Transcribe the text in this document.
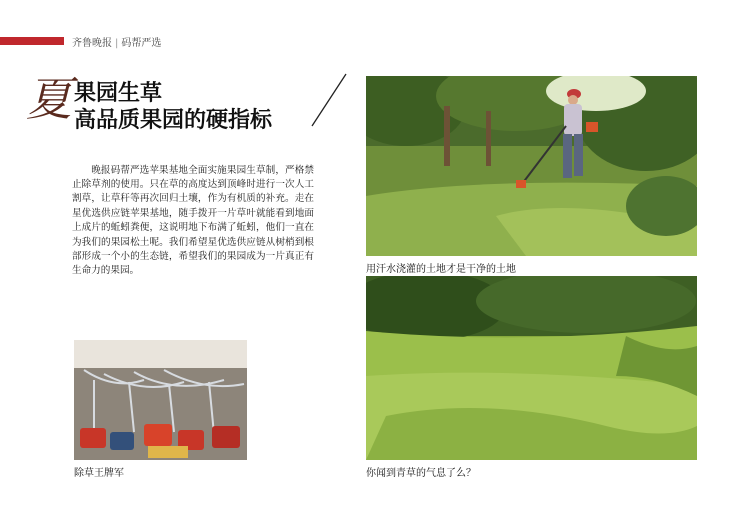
齐鲁晚报 | 码帮严选
夏 果园生草
高品质果园的硬指标

晚报码帮严选苹果基地全面实施果园生草制，严格禁止除草剂的使用。只在草的高度达到顶峰时进行一次人工割草，让草秆等再次回归土壤，作为有机质的补充。走在星优选供应链苹果基地，随手拨开一片草叶就能看到地面上成片的蚯蚓粪便，这说明地下布满了蚯蚓，他们一直在为我们的果园松土呢。我们希望星优选供应链从树梢到根部形成一个小的生态链，希望我们的果园成为一片真正有生命力的果园。	用汗水浇灌的土地才是干净的土地
你闻到青草的气息了么？
除草王牌军
